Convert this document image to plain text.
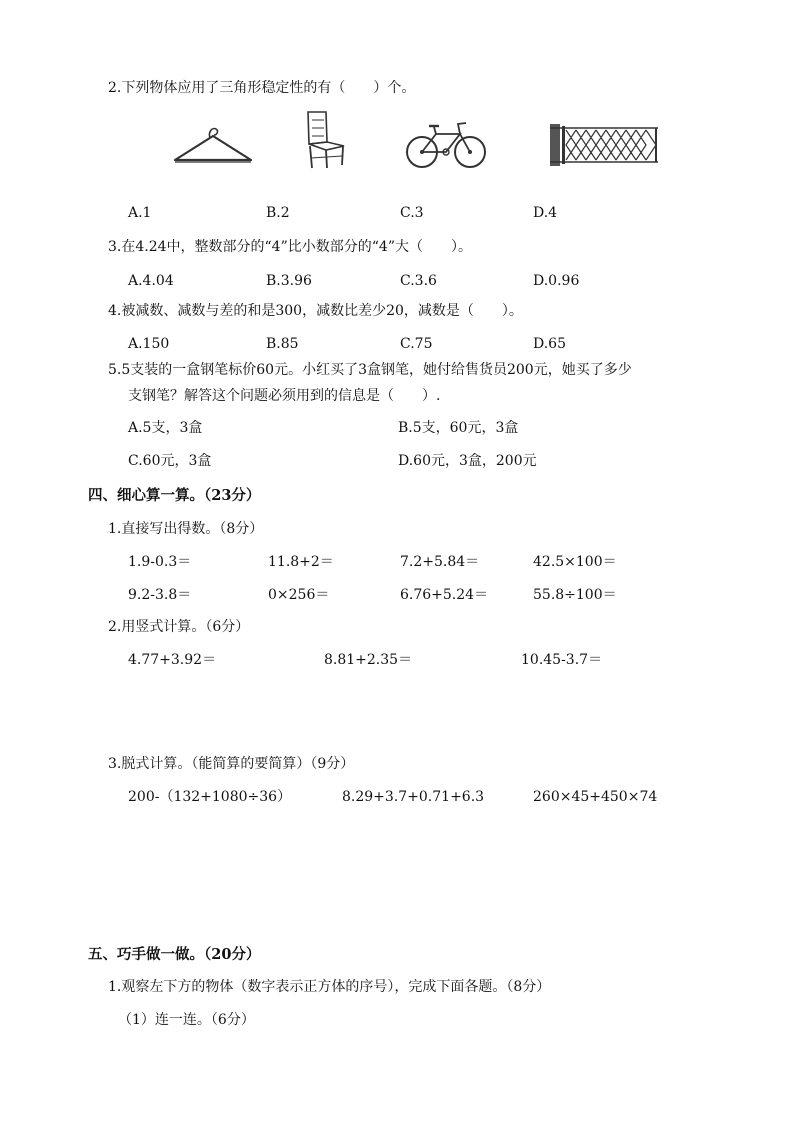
2.下列物体应用了三角形稳定性的有（　　）个。
A.1	B.2	C.3	D.4
3.在4.24中，整数部分的“4”比小数部分的“4”大（　　）。
A.4.04	B.3.96	C.3.6	D.0.96
4.被减数、减数与差的和是300，减数比差少20，减数是（　　）。
A.150	B.85	C.75	D.65
5.5支装的一盒钢笔标价60元。小红买了3盒钢笔，她付给售货员200元，她买了多少
支钢笔？解答这个问题必须用到的信息是（　　）.
A.5支，3盒	B.5支，60元，3盒
C.60元，3盒	D.60元，3盒，200元
四、细心算一算。（23分）
1.直接写出得数。（8分）
1.9-0.3＝	11.8+2＝	7.2+5.84＝	42.5×100＝
9.2-3.8＝	0×256＝	6.76+5.24＝	55.8÷100＝
2.用竖式计算。（6分）
4.77+3.92＝	8.81+2.35＝	10.45-3.7＝
3.脱式计算。（能简算的要简算）（9分）
200-（132+1080÷36）	8.29+3.7+0.71+6.3	260×45+450×74
五、巧手做一做。（20分）
1.观察左下方的物体（数字表示正方体的序号），完成下面各题。（8分）
（1）连一连。（6分）
